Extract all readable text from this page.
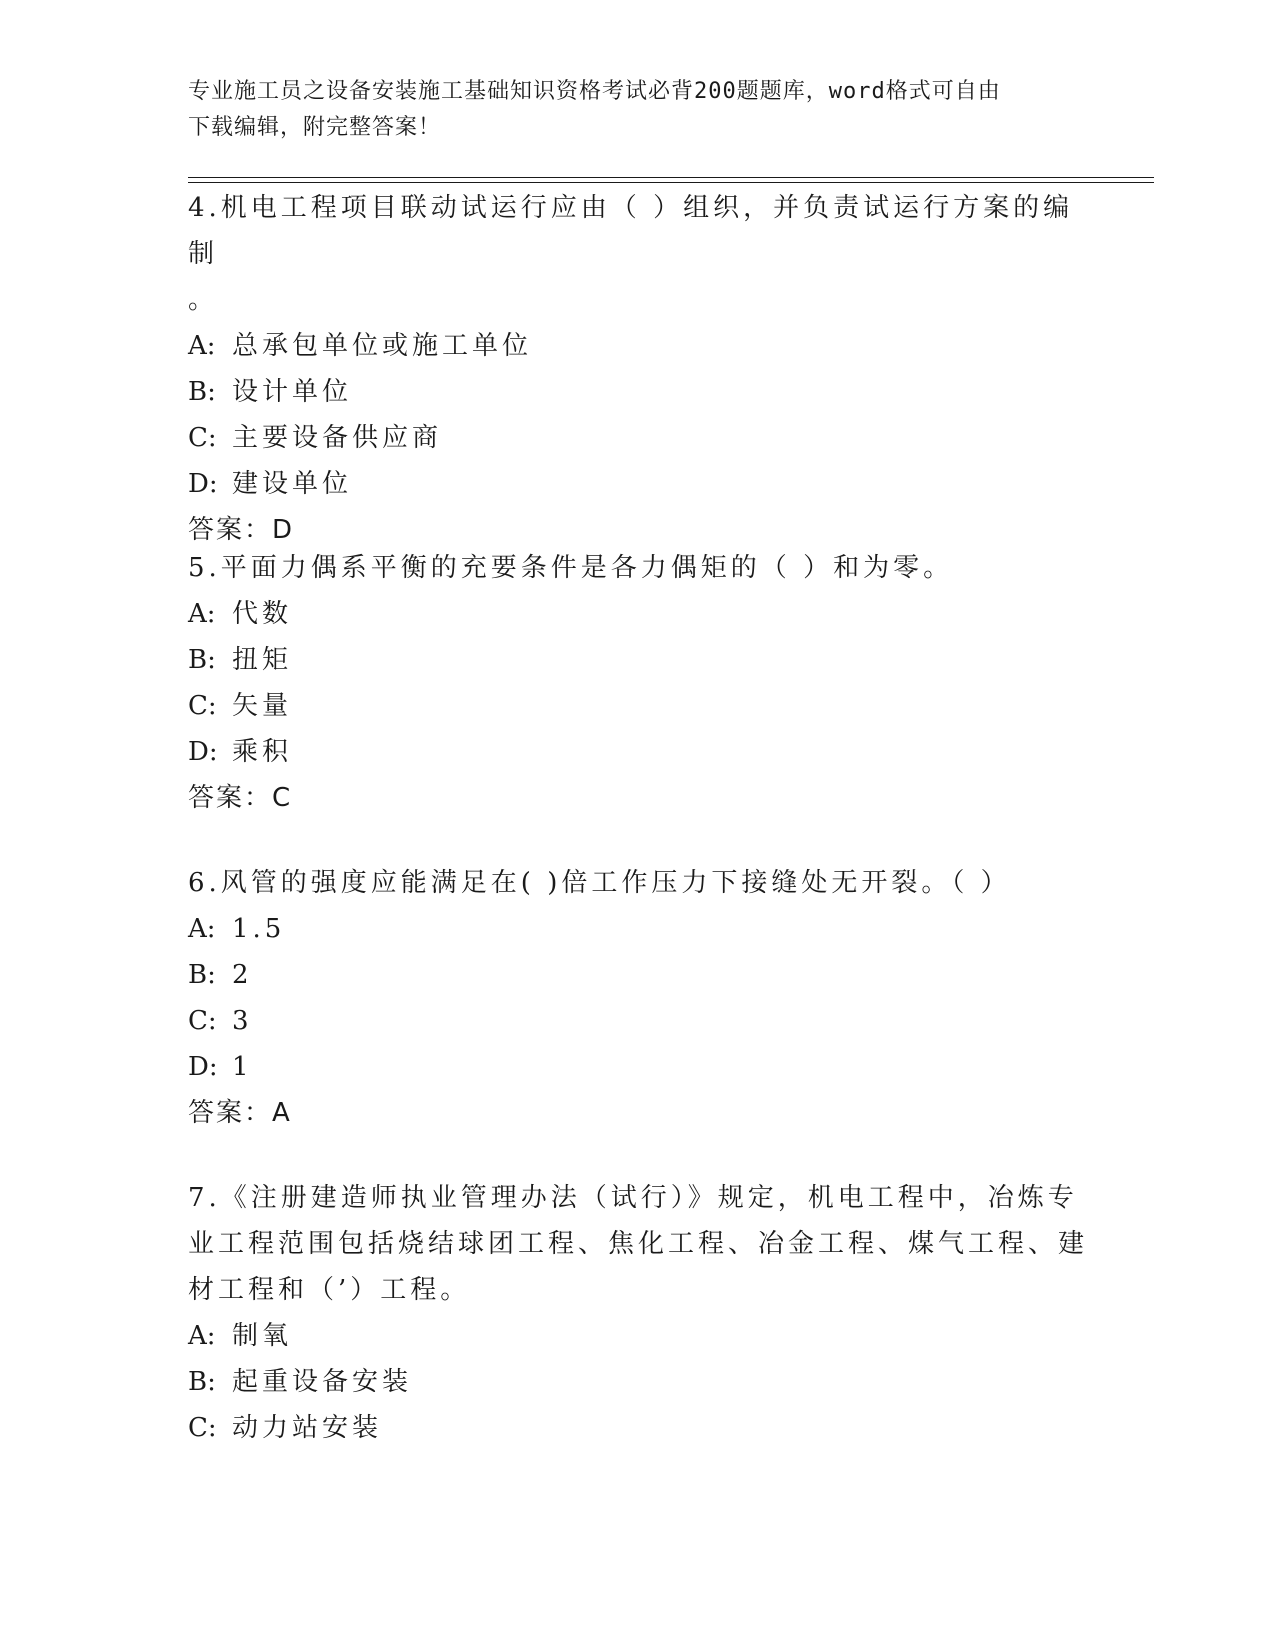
专业施工员之设备安装施工基础知识资格考试必背200题题库，word格式可自由
下载编辑，附完整答案！

4.机电工程项目联动试运行应由（ ）组织，并负责试运行方案的编制

。

A: 总承包单位或施工单位

B: 设计单位

C: 主要设备供应商

D: 建设单位

答案：D

5.平面力偶系平衡的充要条件是各力偶矩的（ ）和为零。

A: 代数

B: 扭矩

C: 矢量

D: 乘积

答案：C

6.风管的强度应能满足在( )倍工作压力下接缝处无开裂。（ ）

A: 1.5

B: 2

C: 3

D: 1

答案：A

7.《注册建造师执业管理办法（试行）》规定，机电工程中，冶炼专

业工程范围包括烧结球团工程、焦化工程、冶金工程、煤气工程、建

材工程和（’）工程。

A: 制氧

B: 起重设备安装

C: 动力站安装
